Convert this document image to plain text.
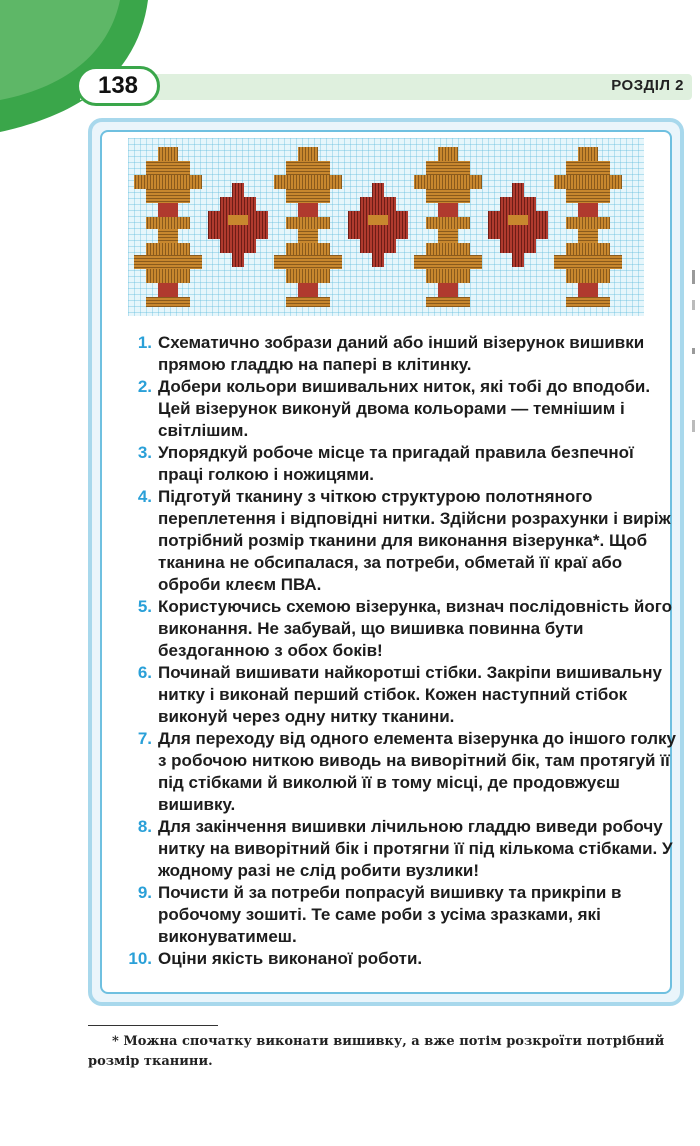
138	РОЗДІЛ 2
1. Схематично зобрази даний або інший візерунок вишивки прямою гладдю на папері в клітинку.
2. Добери кольори вишивальних ниток, які тобі до вподоби. Цей візерунок виконуй двома кольорами — темнішим і світлішим.
3. Упорядкуй робоче місце та пригадай правила безпечної праці голкою і ножицями.
4. Підготуй тканину з чіткою структурою полотняного переплетення і відповідні нитки. Здійсни розрахунки і виріж потрібний розмір тканини для виконання візерунка*. Щоб тканина не обсипалася, за потреби, обметай її краї або оброби клеєм ПВА.
5. Користуючись схемою візерунка, визнач послідовність його виконання. Не забувай, що вишивка повинна бути бездоганною з обох боків!
6. Починай вишивати найкоротші стібки. Закріпи вишивальну нитку і виконай перший стібок. Кожен наступний стібок виконуй через одну нитку тканини.
7. Для переходу від одного елемента візерунка до іншого голку з робочою ниткою виводь на виворітний бік, там протягуй її під стібками й виколюй її в тому місці, де продовжуєш вишивку.
8. Для закінчення вишивки лічильною гладдю виведи робочу нитку на виворітний бік і протягни її під кількома стібками. У жодному разі не слід робити вузлики!
9. Почисти й за потреби попрасуй вишивку та прикріпи в робочому зошиті. Те саме роби з усіма зразками, які виконуватимеш.
10. Оціни якість виконаної роботи.
* Можна спочатку виконати вишивку, а вже потім розкроїти потрібний розмір тканини.
